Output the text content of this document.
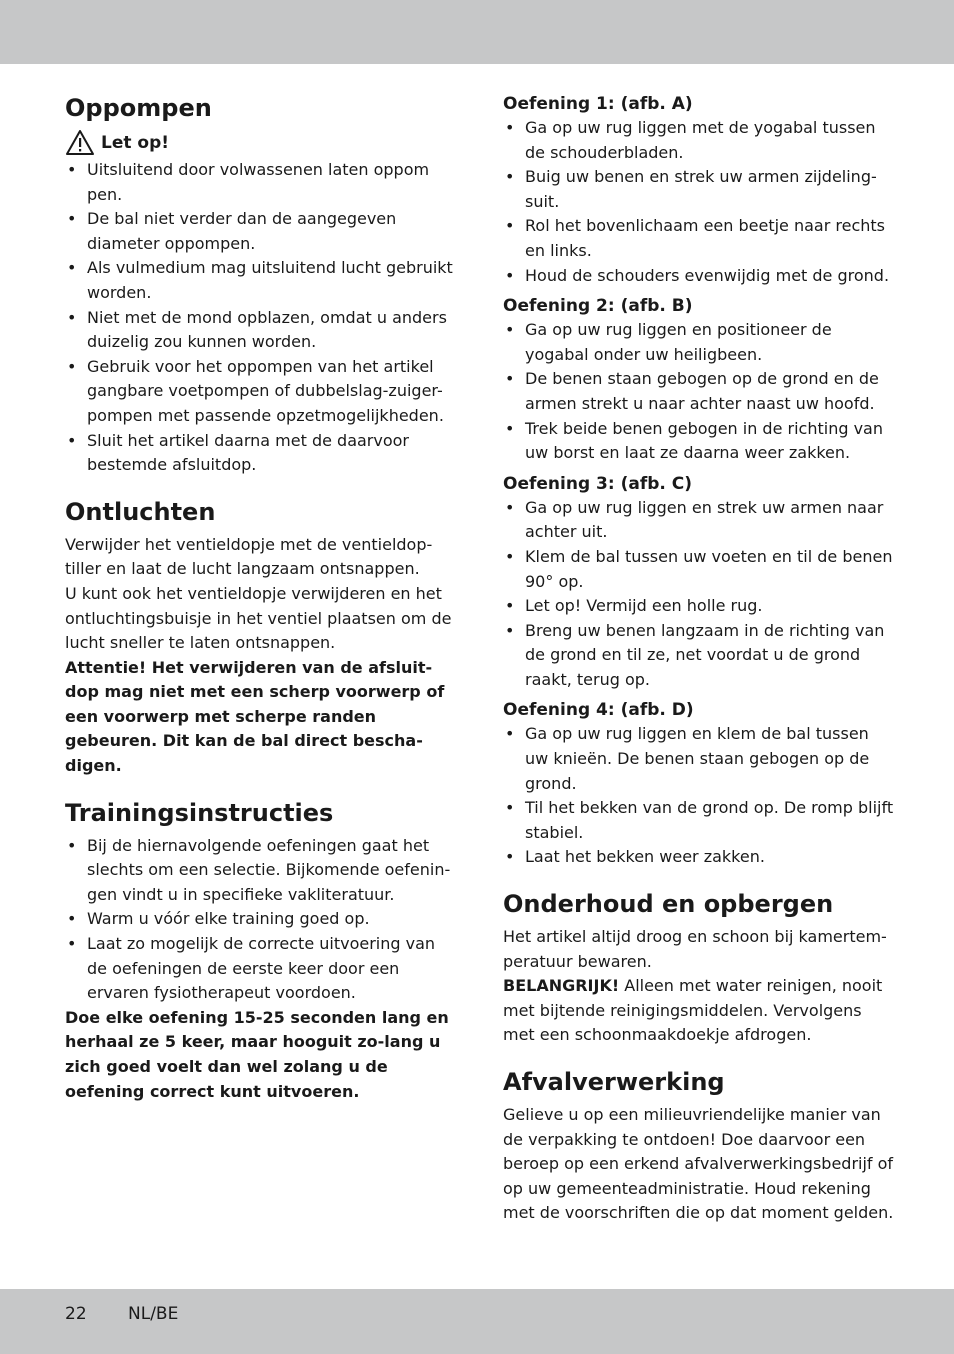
Oppompen
Let op!
• Uitsluitend door volwassenen laten oppom pen.
• De bal niet verder dan de aangegeven diameter oppompen.
• Als vulmedium mag uitsluitend lucht gebruikt worden.
• Niet met de mond opblazen, omdat u anders duizelig zou kunnen worden.
• Gebruik voor het oppompen van het artikel gangbare voetpompen of dubbelslag-zuiger-pompen met passende opzetmogelijkheden.
• Sluit het artikel daarna met de daarvoor bestemde afsluitdop.
Ontluchten

Verwijder het ventieldopje met de ventieldop-tiller en laat de lucht langzaam ontsnappen.

U kunt ook het ventieldopje verwijderen en het ontluchtingsbuisje in het ventiel plaatsen om de lucht sneller te laten ontsnappen.

Attentie! Het verwijderen van de afsluit-dop mag niet met een scherp voorwerp of een voorwerp met scherpe randen gebeuren. Dit kan de bal direct bescha-digen.

Trainingsinstructies
• Bij de hiernavolgende oefeningen gaat het slechts om een selectie. Bijkomende oefenin-gen vindt u in specifieke vakliteratuur.
• Warm u vóór elke training goed op.
• Laat zo mogelijk de correcte uitvoering van de oefeningen de eerste keer door een ervaren fysiotherapeut voordoen.

Doe elke oefening 15-25 seconden lang en herhaal ze 5 keer, maar hooguit zo-lang u zich goed voelt dan wel zolang u de oefening correct kunt uitvoeren.

Oefening 1: (afb. A)
• Ga op uw rug liggen met de yogabal tussen de schouderbladen.
• Buig uw benen en strek uw armen zijdeling-suit.
• Rol het bovenlichaam een beetje naar rechts en links.
• Houd de schouders evenwijdig met de grond.
Oefening 2: (afb. B)
• Ga op uw rug liggen en positioneer de yogabal onder uw heiligbeen.
• De benen staan gebogen op de grond en de armen strekt u naar achter naast uw hoofd.
• Trek beide benen gebogen in de richting van uw borst en laat ze daarna weer zakken.
Oefening 3: (afb. C)
• Ga op uw rug liggen en strek uw armen naar achter uit.
• Klem de bal tussen uw voeten en til de benen 90° op.
• Let op! Vermijd een holle rug.
• Breng uw benen langzaam in de richting van de grond en til ze, net voordat u de grond raakt, terug op.
Oefening 4: (afb. D)
• Ga op uw rug liggen en klem de bal tussen uw knieën. De benen staan gebogen op de grond.
• Til het bekken van de grond op. De romp blijft stabiel.
• Laat het bekken weer zakken.
Onderhoud en opbergen

Het artikel altijd droog en schoon bij kamertem-peratuur bewaren.

BELANGRIJK! Alleen met water reinigen, nooit met bijtende reinigingsmiddelen. Vervolgens met een schoonmaakdoekje afdrogen.

Afvalverwerking

Gelieve u op een milieuvriendelijke manier van de verpakking te ontdoen! Doe daarvoor een beroep op een erkend afvalverwerkingsbedrijf of op uw gemeenteadministratie. Houd rekening met de voorschriften die op dat moment gelden.

22 NL/BE
